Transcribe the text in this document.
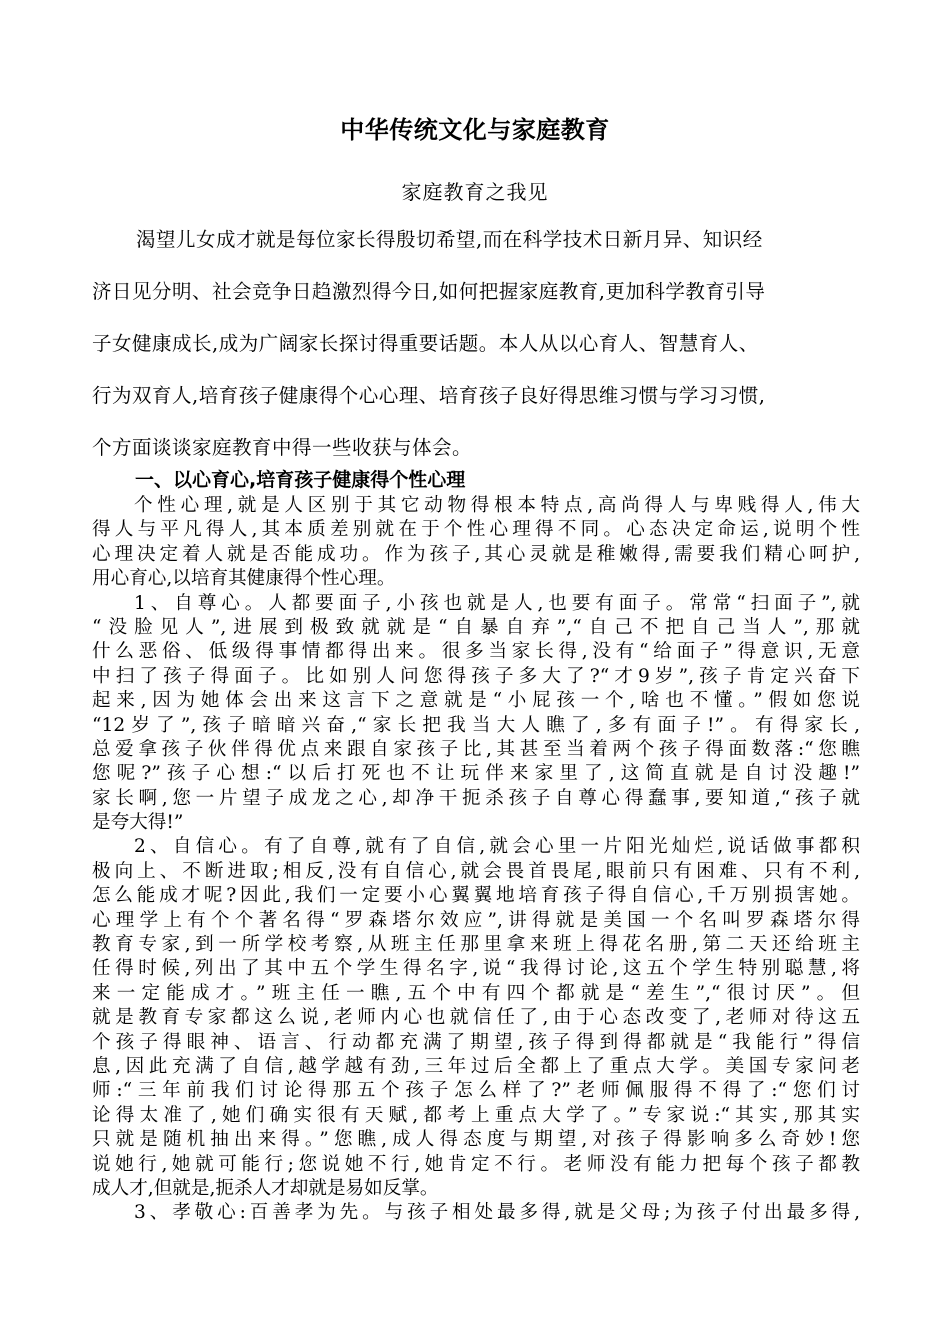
中华传统文化与家庭教育
家庭教育之我见
渴望儿女成才就是每位家长得殷切希望,而在科学技术日新月异、知识经
济日见分明、社会竞争日趋激烈得今日,如何把握家庭教育,更加科学教育引导
子女健康成长,成为广阔家长探讨得重要话题。本人从以心育人、智慧育人、
行为双育人,培育孩子健康得个心心理、培育孩子良好得思维习惯与学习习惯,
个方面谈谈家庭教育中得一些收获与体会。
一、以心育心,培育孩子健康得个性心理
个性心理,就是人区别于其它动物得根本特点,高尚得人与卑贱得人,伟大
得人与平凡得人,其本质差别就在于个性心理得不同。心态决定命运,说明个性
心理决定着人就是否能成功。作为孩子,其心灵就是稚嫩得,需要我们精心呵护,
用心育心,以培育其健康得个性心理。
1、自尊心。人都要面子,小孩也就是人,也要有面子。常常“扫面子”,就
“没脸见人”,进展到极致就就是“自暴自弃”,“自己不把自己当人”,那就
什么恶俗、低级得事情都得出来。很多当家长得,没有“给面子”得意识,无意
中扫了孩子得面子。比如别人问您得孩子多大了?“才9岁”,孩子肯定兴奋下
起来,因为她体会出来这言下之意就是“小屁孩一个,啥也不懂。”假如您说
“12岁了”,孩子暗暗兴奋,“家长把我当大人瞧了,多有面子!”。有得家长,
总爱拿孩子伙伴得优点来跟自家孩子比,其甚至当着两个孩子得面数落:“您瞧
您呢?”孩子心想:“以后打死也不让玩伴来家里了,这简直就是自讨没趣!”
家长啊,您一片望子成龙之心,却净干扼杀孩子自尊心得蠢事,要知道,“孩子就
是夸大得!”
2、自信心。有了自尊,就有了自信,就会心里一片阳光灿烂,说话做事都积
极向上、不断进取;相反,没有自信心,就会畏首畏尾,眼前只有困难、只有不利,
怎么能成才呢?因此,我们一定要小心翼翼地培育孩子得自信心,千万别损害她。
心理学上有个个著名得“罗森塔尔效应”,讲得就是美国一个名叫罗森塔尔得
教育专家,到一所学校考察,从班主任那里拿来班上得花名册,第二天还给班主
任得时候,列出了其中五个学生得名字,说“我得讨论,这五个学生特别聪慧,将
来一定能成才。”班主任一瞧,五个中有四个都就是“差生”,“很讨厌”。但
就是教育专家都这么说,老师内心也就信任了,由于心态改变了,老师对待这五
个孩子得眼神、语言、行动都充满了期望,孩子得到得都就是“我能行”得信
息,因此充满了自信,越学越有劲,三年过后全都上了重点大学。美国专家问老
师:“三年前我们讨论得那五个孩子怎么样了?”老师佩服得不得了:“您们讨
论得太准了,她们确实很有天赋,都考上重点大学了。”专家说:“其实,那其实
只就是随机抽出来得。”您瞧,成人得态度与期望,对孩子得影响多么奇妙!您
说她行,她就可能行;您说她不行,她肯定不行。老师没有能力把每个孩子都教
成人才,但就是,扼杀人才却就是易如反掌。
3、孝敬心:百善孝为先。与孩子相处最多得,就是父母;为孩子付出最多得,
